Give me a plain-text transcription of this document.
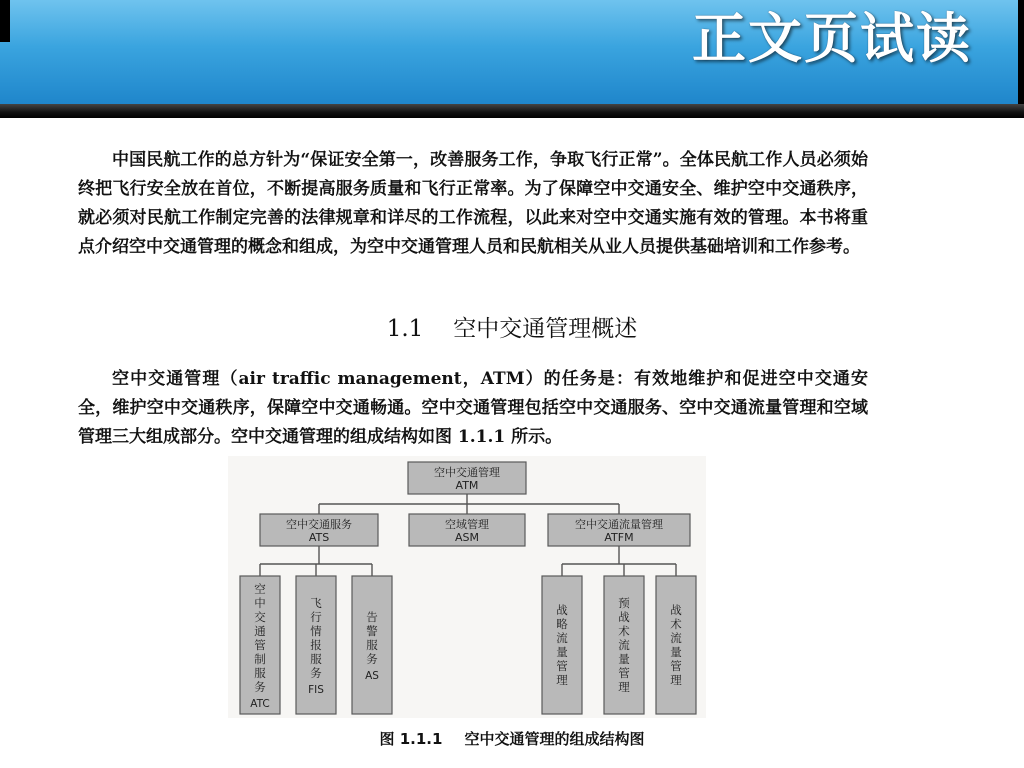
正文页试读

中国民航工作的总方针为“保证安全第一，改善服务工作，争取飞行正常”。全体民航工作人员必须始终把飞行安全放在首位，不断提高服务质量和飞行正常率。为了保障空中交通安全、维护空中交通秩序，就必须对民航工作制定完善的法律规章和详尽的工作流程，以此来对空中交通实施有效的管理。本书将重点介绍空中交通管理的概念和组成，为空中交通管理人员和民航相关从业人员提供基础培训和工作参考。

1.1 空中交通管理概述

空中交通管理（air traffic management，ATM）的任务是：有效地维护和促进空中交通安全，维护空中交通秩序，保障空中交通畅通。空中交通管理包括空中交通服务、空中交通流量管理和空域管理三大组成部分。空中交通管理的组成结构如图 1.1.1 所示。

空中交通管理
ATM
空中交通服务
ATS
空域管理
ASM
空中交通流量管理
ATFM
空中交通管制服务
ATC
飞行情报服务
FIS
告警服务
AS
战略流量管理
预战术流量管理
战术流量管理
图 1.1.1 空中交通管理的组成结构图
